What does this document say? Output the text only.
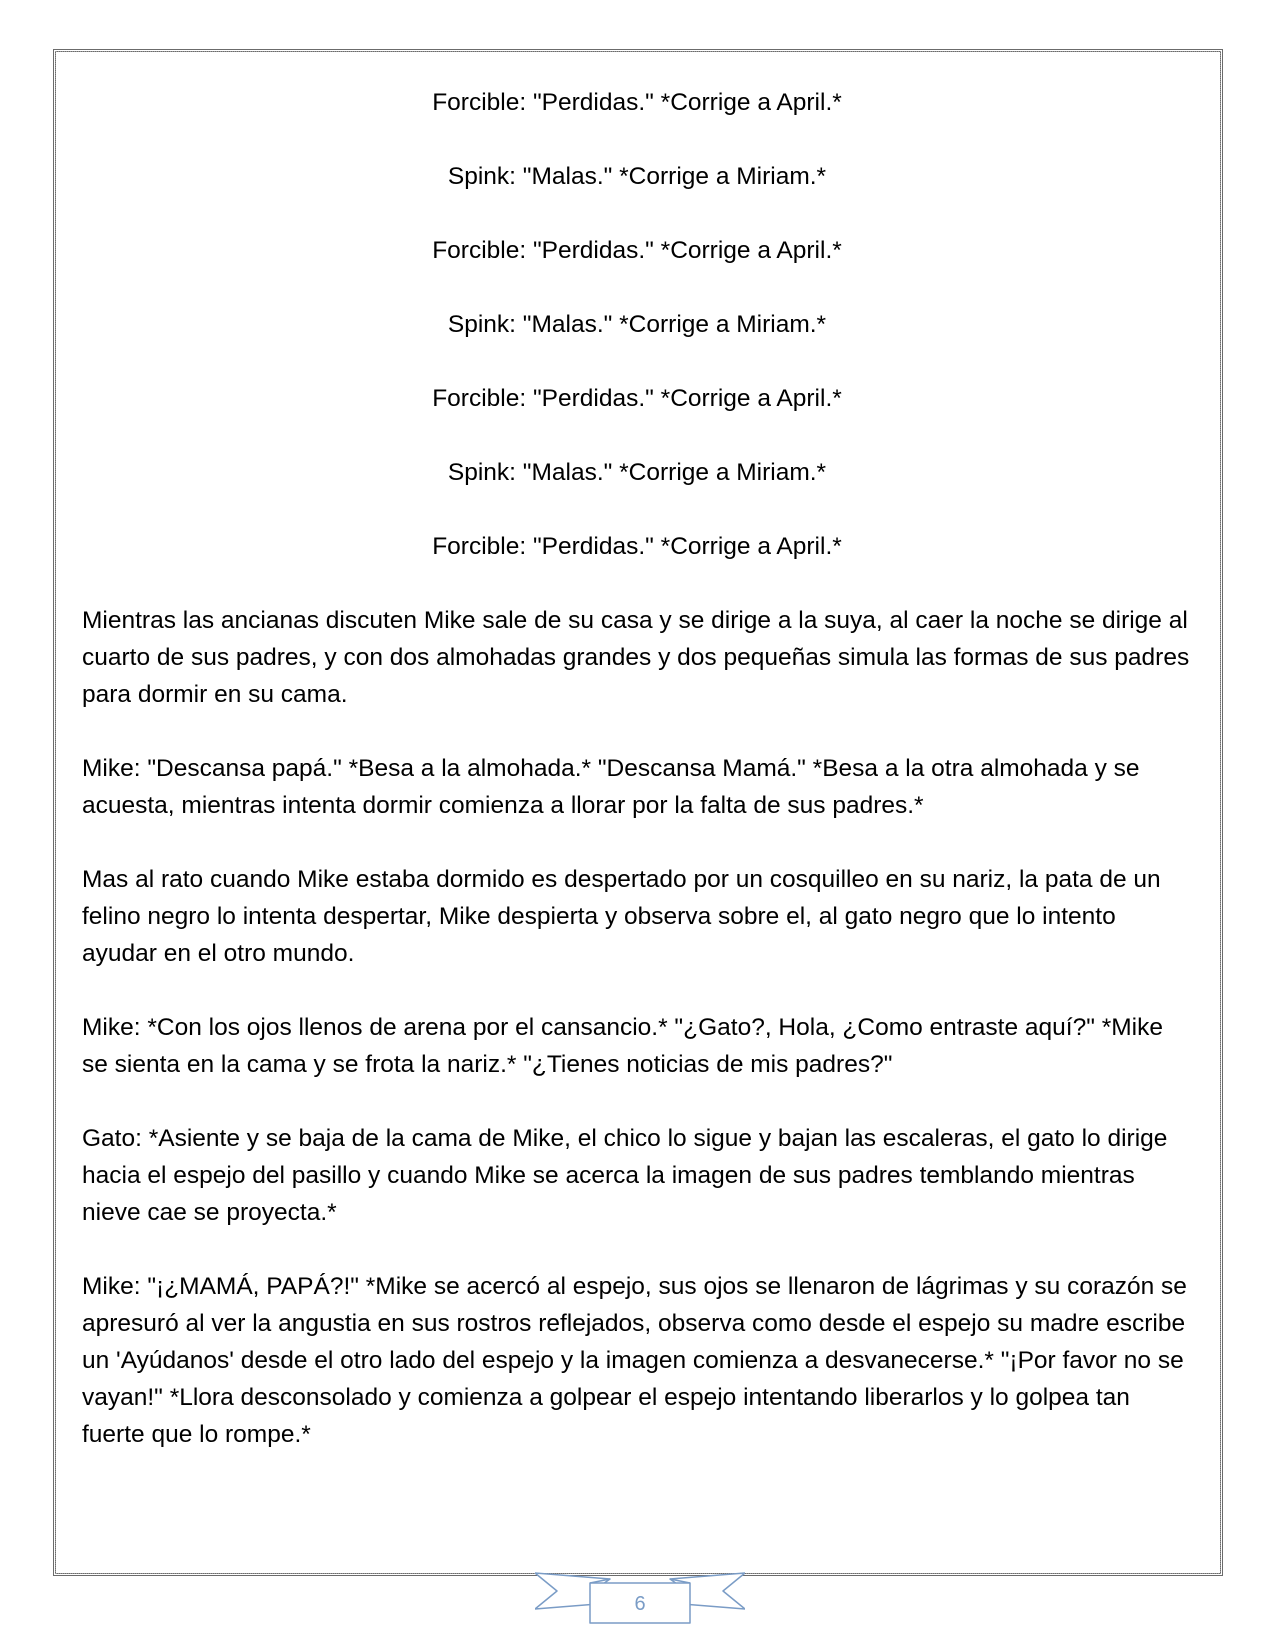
Forcible: "Perdidas." *Corrige a April.*

Spink: "Malas." *Corrige a Miriam.*

Forcible: "Perdidas." *Corrige a April.*

Spink: "Malas." *Corrige a Miriam.*

Forcible: "Perdidas." *Corrige a April.*

Spink: "Malas." *Corrige a Miriam.*

Forcible: "Perdidas." *Corrige a April.*

Mientras las ancianas discuten Mike sale de su casa y se dirige a la suya, al caer la noche se dirige al cuarto de sus padres, y con dos almohadas grandes y dos pequeñas simula las formas de sus padres para dormir en su cama.

Mike: "Descansa papá." *Besa a la almohada.* "Descansa Mamá." *Besa a la otra almohada y se acuesta, mientras intenta dormir comienza a llorar por la falta de sus padres.*

Mas al rato cuando Mike estaba dormido es despertado por un cosquilleo en su nariz, la pata de un felino negro lo intenta despertar, Mike despierta y observa sobre el, al gato negro que lo intento ayudar en el otro mundo.

Mike: *Con los ojos llenos de arena por el cansancio.* "¿Gato?, Hola, ¿Como entraste aquí?" *Mike se sienta en la cama y se frota la nariz.* "¿Tienes noticias de mis padres?"

Gato: *Asiente y se baja de la cama de Mike, el chico lo sigue y bajan las escaleras, el gato lo dirige hacia el espejo del pasillo y cuando Mike se acerca la imagen de sus padres temblando mientras nieve cae se proyecta.*

Mike: "¡¿MAMÁ, PAPÁ?!" *Mike se acercó al espejo, sus ojos se llenaron de lágrimas y su corazón se apresuró al ver la angustia en sus rostros reflejados, observa como desde el espejo su madre escribe un 'Ayúdanos' desde el otro lado del espejo y la imagen comienza a desvanecerse.* "¡Por favor no se vayan!" *Llora desconsolado y comienza a golpear el espejo intentando liberarlos y lo golpea tan fuerte que lo rompe.*

6
